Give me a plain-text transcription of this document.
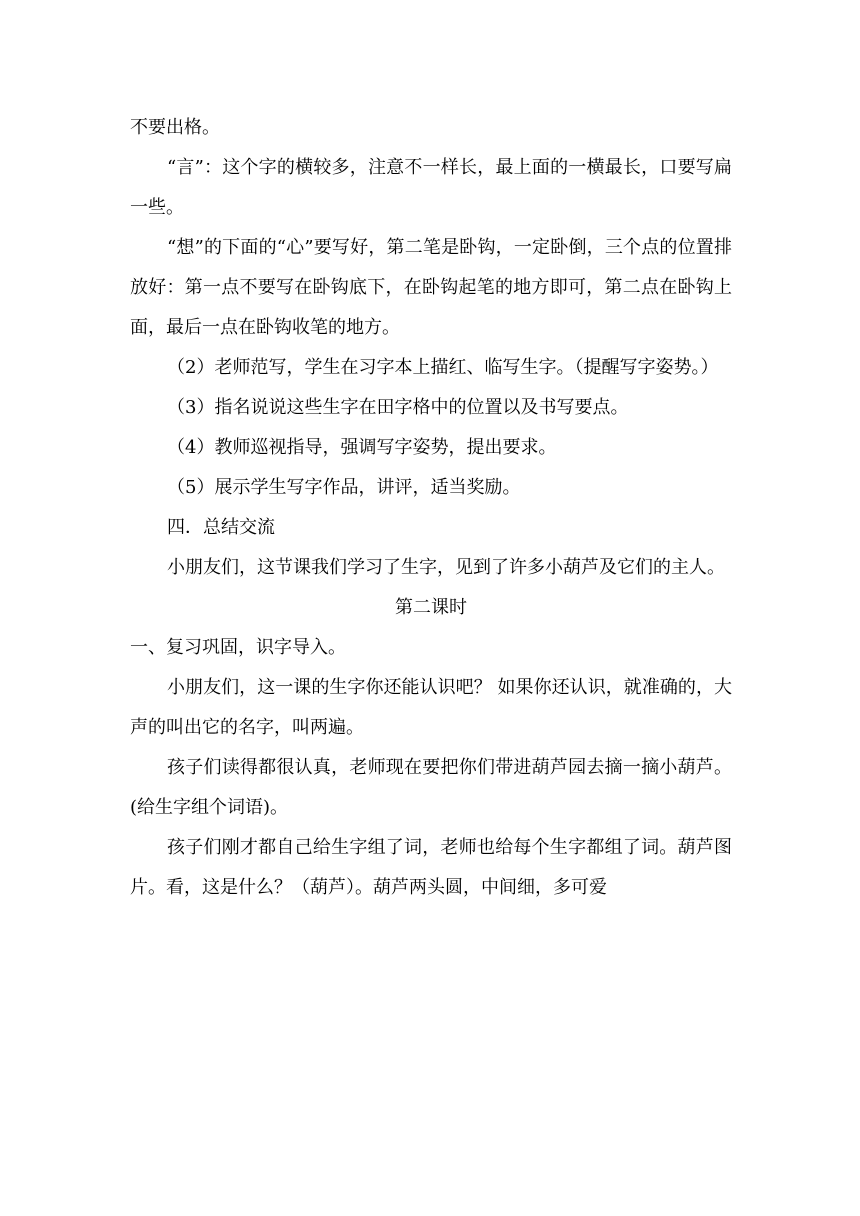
不要出格。

“言”：这个字的横较多，注意不一样长，最上面的一横最长，口要写扁一些。

“想”的下面的“心”要写好，第二笔是卧钩，一定卧倒，三个点的位置排放好：第一点不要写在卧钩底下，在卧钩起笔的地方即可，第二点在卧钩上面，最后一点在卧钩收笔的地方。

（2）老师范写，学生在习字本上描红、临写生字。（提醒写字姿势。）

（3）指名说说这些生字在田字格中的位置以及书写要点。

（4）教师巡视指导，强调写字姿势，提出要求。

（5）展示学生写字作品，讲评，适当奖励。

四．总结交流

小朋友们，这节课我们学习了生字，见到了许多小葫芦及它们的主人。

第二课时

一、复习巩固，识字导入。

小朋友们，这一课的生字你还能认识吧？ 如果你还认识，就准确的，大声的叫出它的名字，叫两遍。

孩子们读得都很认真，老师现在要把你们带进葫芦园去摘一摘小葫芦。(给生字组个词语)。

孩子们刚才都自己给生字组了词，老师也给每个生字都组了词。葫芦图片。看，这是什么？（葫芦）。葫芦两头圆，中间细，多可爱
